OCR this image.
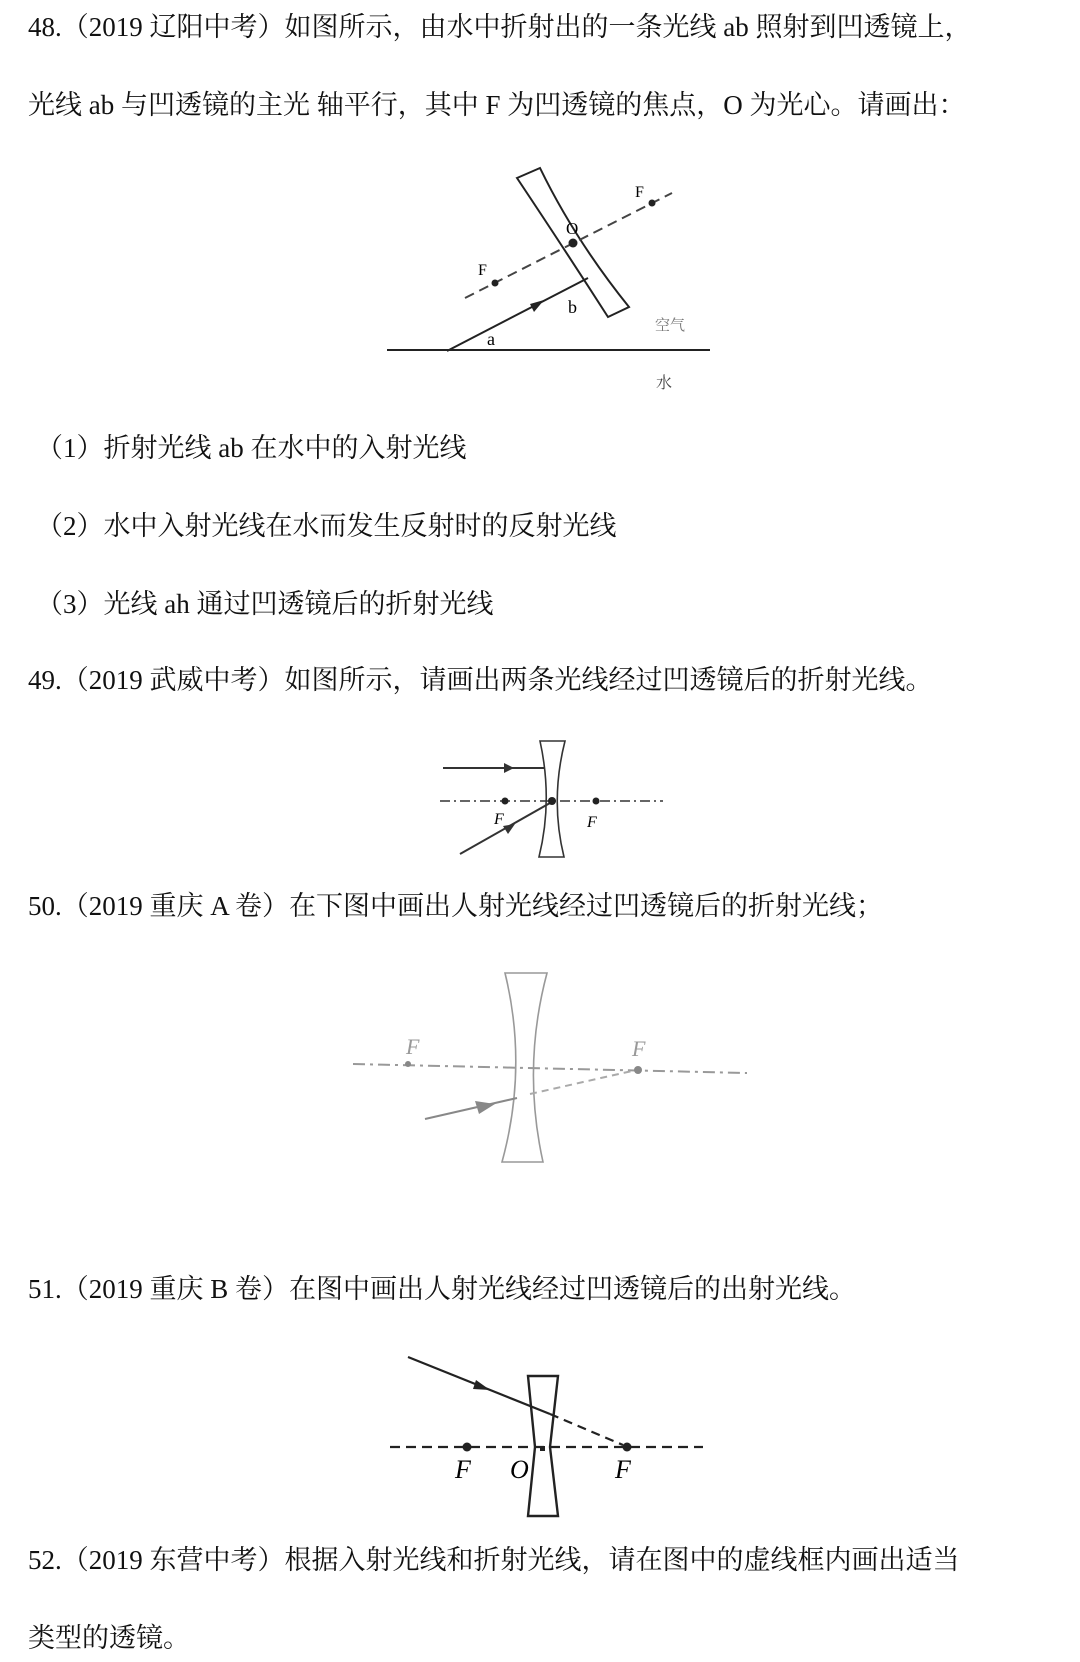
48.（2019 辽阳中考）如图所示，由水中折射出的一条光线 ab 照射到凹透镜上，
光线 ab 与凹透镜的主光 轴平行，其中 F 为凹透镜的焦点，O 为光心。请画出：
F
F
O
a
b
空气
水
F	F
F	F
F O	F
（1）折射光线 ab 在水中的入射光线
（2）水中入射光线在水而发生反射时的反射光线
（3）光线 ah 通过凹透镜后的折射光线
49.（2019 武威中考）如图所示，请画出两条光线经过凹透镜后的折射光线。
50.（2019 重庆 A 卷）在下图中画出人射光线经过凹透镜后的折射光线；
51.（2019 重庆 B 卷）在图中画出人射光线经过凹透镜后的出射光线。
52.（2019 东营中考）根据入射光线和折射光线，请在图中的虚线框内画出适当
类型的透镜。
